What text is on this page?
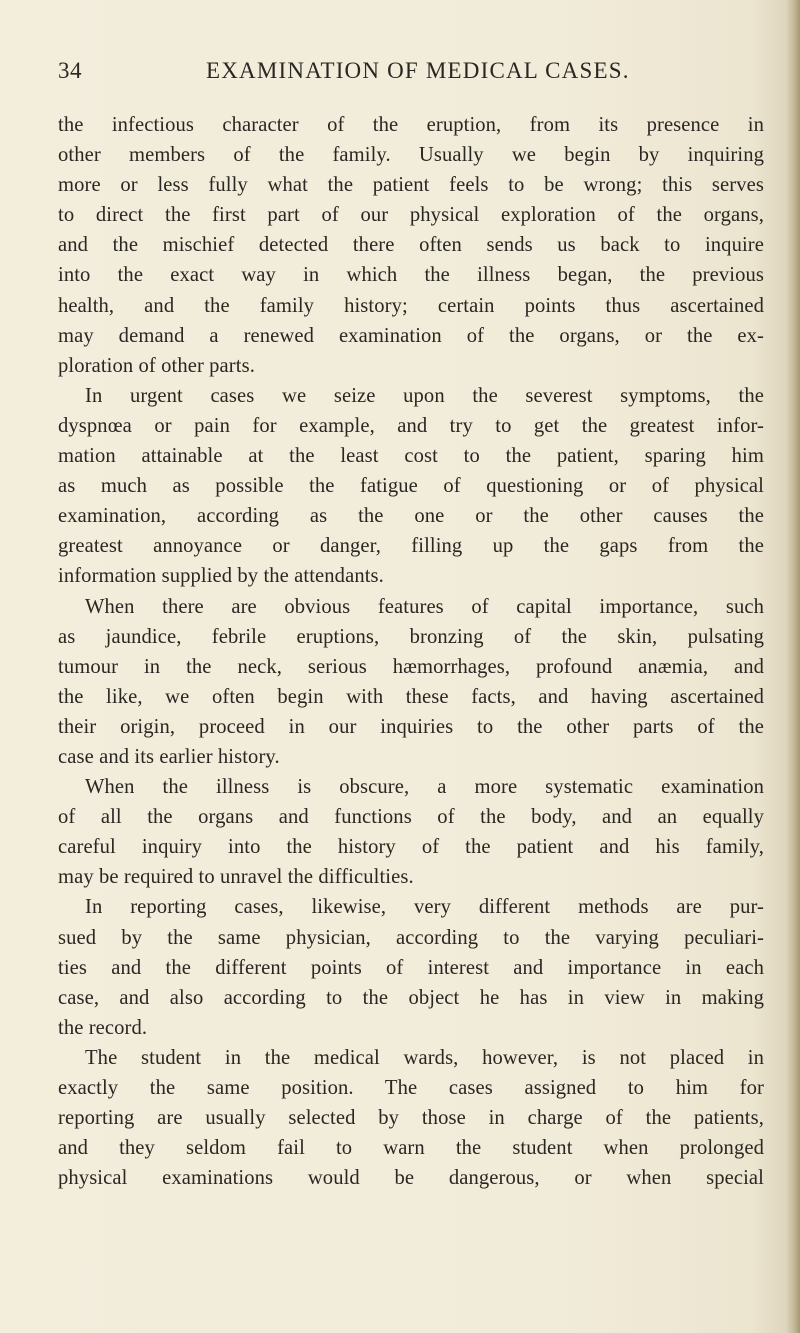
34	EXAMINATION OF MEDICAL CASES.
the infectious character of the eruption, from its presence in
other members of the family. Usually we begin by inquiring
more or less fully what the patient feels to be wrong; this serves
to direct the first part of our physical exploration of the organs,
and the mischief detected there often sends us back to inquire
into the exact way in which the illness began, the previous
health, and the family history; certain points thus ascertained
may demand a renewed examination of the organs, or the ex-
ploration of other parts.
In urgent cases we seize upon the severest symptoms, the
dyspnœa or pain for example, and try to get the greatest infor-
mation attainable at the least cost to the patient, sparing him
as much as possible the fatigue of questioning or of physical
examination, according as the one or the other causes the
greatest annoyance or danger, filling up the gaps from the
information supplied by the attendants.
When there are obvious features of capital importance, such
as jaundice, febrile eruptions, bronzing of the skin, pulsating
tumour in the neck, serious hæmorrhages, profound anæmia, and
the like, we often begin with these facts, and having ascertained
their origin, proceed in our inquiries to the other parts of the
case and its earlier history.
When the illness is obscure, a more systematic examination
of all the organs and functions of the body, and an equally
careful inquiry into the history of the patient and his family,
may be required to unravel the difficulties.
In reporting cases, likewise, very different methods are pur-
sued by the same physician, according to the varying peculiari-
ties and the different points of interest and importance in each
case, and also according to the object he has in view in making
the record.
The student in the medical wards, however, is not placed in
exactly the same position. The cases assigned to him for
reporting are usually selected by those in charge of the patients,
and they seldom fail to warn the student when prolonged
physical examinations would be dangerous, or when special
